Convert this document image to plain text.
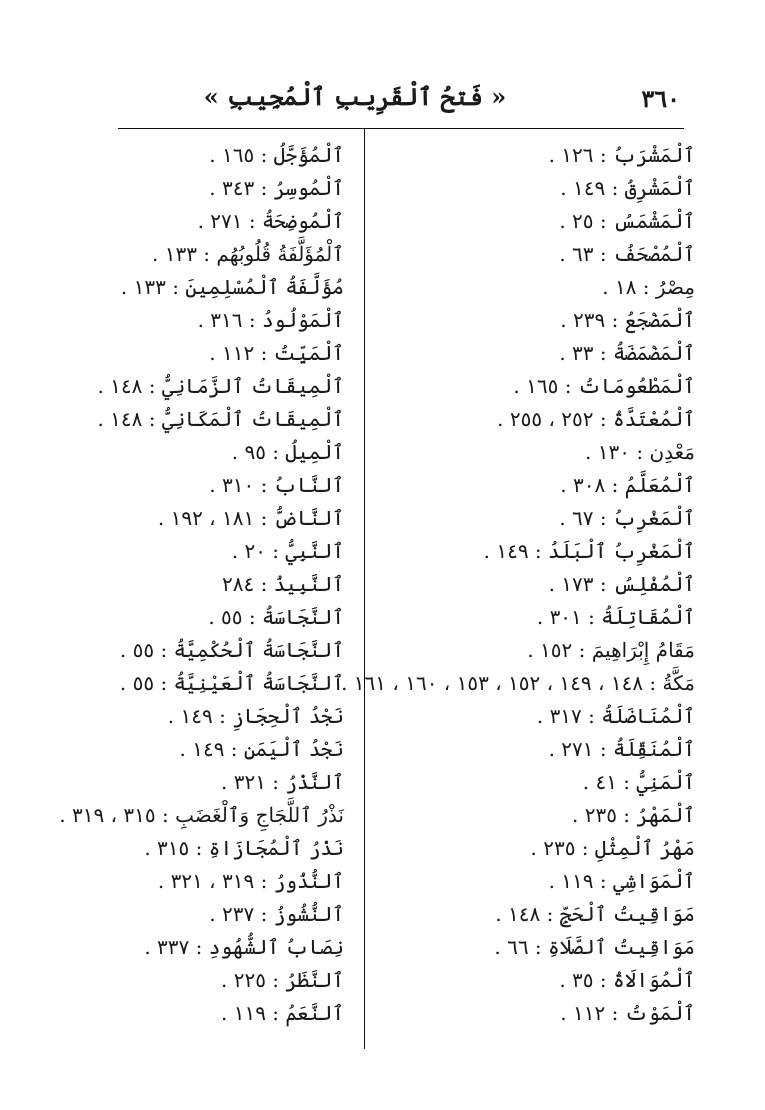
٣٦٠
« فَتحُ ٱلْقَرِيبِ ٱلْمُجِيبِ »
ٱلْمَشْرَبُ : ١٢٦ .
ٱلْمَشْرِقُ : ١٤٩ .
ٱلْمَشْمَسُ : ٢٥ .
ٱلْمُصْحَفُ : ٦٣ .
مِصْرُ : ١٨ .
ٱلْمَضْجَعُ : ٢٣٩ .
ٱلْمَضْمَضَةُ : ٣٣ .
ٱلْمَطْعُومَاتُ : ١٦٥ .
ٱلْمُعْتَدَّةُ : ٢٥٢ ، ٢٥٥ .
مَعْدِن : ١٣٠ .
ٱلْمُعَلَّمُ : ٣٠٨ .
ٱلْمَغْرِبُ : ٦٧ .
ٱلْمَغْرِبُ ٱلْبَلَدُ : ١٤٩ .
ٱلْمُفْلِسُ : ١٧٣ .
ٱلْمُقَاتِلَةُ : ٣٠١ .
مَقَامُ إِبْرَاهِيمَ : ١٥٢ .
مَكَّةُ : ١٤٨ ، ١٤٩ ، ١٥٢ ، ١٥٣ ، ١٦٠ ، ١٦١ .
ٱلْمُنَاضَلَةُ : ٣١٧ .
ٱلْمُنَقِّلَةُ : ٢٧١ .
ٱلْمَنِيُّ : ٤١ .
ٱلْمَهْرُ : ٢٣٥ .
مَهْرُ ٱلْمِثْلِ : ٢٣٥ .
ٱلْمَوَاشِي : ١١٩ .
مَوَاقِيتُ ٱلْحَجِّ : ١٤٨ .
مَوَاقِيتُ ٱلصَّلَاةِ : ٦٦ .
ٱلْمُوَالَاةُ : ٣٥ .
ٱلْمَوْتُ : ١١٢ .
ٱلْمُؤَجَّلُ : ١٦٥ .
ٱلْمُوسِرُ : ٣٤٣ .
ٱلْمُوضِحَةُ : ٢٧١ .
ٱلْمُؤَلَّفَةُ قُلُوبُهُم : ١٣٣ .
مُؤَلَّفَةُ ٱلْمُسْلِمِينَ : ١٣٣ .
ٱلْمَوْلُودُ : ٣١٦ .
ٱلْمَيِّتُ : ١١٢ .
ٱلْمِيقَاتُ ٱلزَّمَانِيُّ : ١٤٨ .
ٱلْمِيقَاتُ ٱلْمَكَانِيُّ : ١٤٨ .
ٱلْمِيلُ : ٩٥ .
ٱلنَّابُ : ٣١٠ .
ٱلنَّاضُّ : ١٨١ ، ١٩٢ .
ٱلنَّبِيُّ : ٢٠ .
ٱلنَّبِيذُ : ٢٨٤
ٱلنَّجَاسَةُ : ٥٥ .
ٱلنَّجَاسَةُ ٱلْحُكْمِيَّةُ : ٥٥ .
ٱلنَّجَاسَةُ ٱلْعَيْنِيَّةُ : ٥٥ .
نَجْدُ ٱلْحِجَازِ : ١٤٩ .
نَجْدُ ٱلْيَمَنِ : ١٤٩ .
ٱلنَّذْرُ : ٣٢١ .
نَذْرُ ٱللَّجَاجِ وَٱلْغَضَبِ : ٣١٥ ، ٣١٩ .
نَذْرُ ٱلْمُجَازَاةِ : ٣١٥ .
ٱلنُّذُورُ : ٣١٩ ، ٣٢١ .
ٱلنُّشُوزُ : ٢٣٧ .
نِصَابُ ٱلشُّهُودِ : ٣٣٧ .
ٱلنَّظَرُ : ٢٢٥ .
ٱلنَّعَمُ : ١١٩ .
